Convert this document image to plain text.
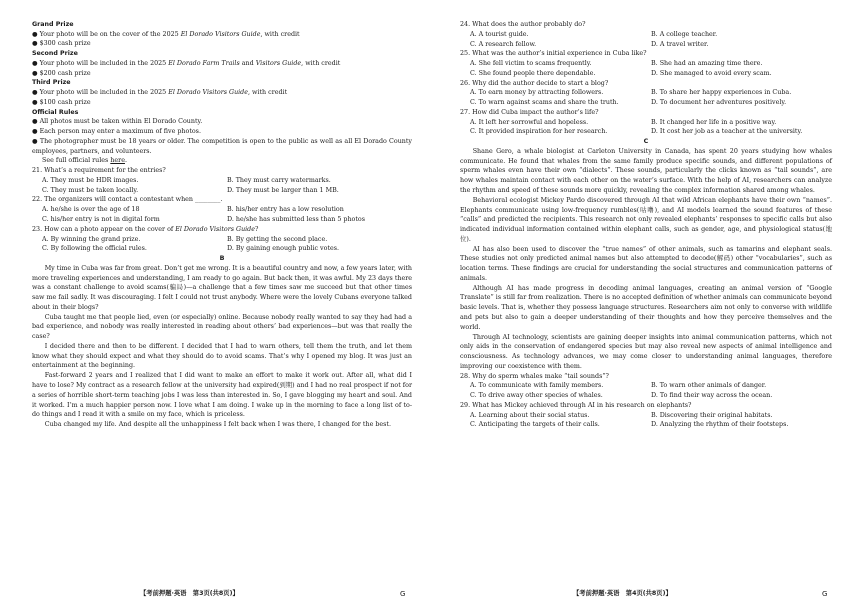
Grand Prize
● Your photo will be on the cover of the 2025 El Dorado Visitors Guide, with credit
● $300 cash prize
Second Prize
● Your photo will be included in the 2025 El Dorado Farm Trails and Visitors Guide, with credit
● $200 cash prize
Third Prize
● Your photo will be included in the 2025 El Dorado Visitors Guide, with credit
● $100 cash prize
Official Rules
● All photos must be taken within El Dorado County.
● Each person may enter a maximum of five photos.
● The photographer must be 18 years or older. The competition is open to the public as well as all El Dorado County employees, partners, and volunteers.
See full official rules here.
21. What’s a requirement for the entries?
A. They must be HDR images.	B. They must carry watermarks.
C. They must be taken locally.	D. They must be larger than 1 MB.
22. The organizers will contact a contestant when ________.
A. he/she is over the age of 18	B. his/her entry has a low resolution
C. his/her entry is not in digital form	D. he/she has submitted less than 5 photos
23. How can a photo appear on the cover of El Dorado Visitors Guide?
A. By winning the grand prize.	B. By getting the second place.
C. By following the official rules.	D. By gaining enough public votes.
B
My time in Cuba was far from great. Don’t get me wrong. It is a beautiful country and now, a few years later, with more traveling experiences and understanding, I am ready to go again. But back then, it was awful. My 23 days there was a constant challenge to avoid scams(骗局)—a challenge that a few times saw me succeed but that other times saw me fail sadly. It was discouraging. I felt I could not trust anybody. Where were the lovely Cubans everyone talked about in their blogs?
Cuba taught me that people lied, even (or especially) online. Because nobody really wanted to say they had had a bad experience, and nobody was really interested in reading about others’ bad experiences—but was that really the case?
I decided there and then to be different. I decided that I had to warn others, tell them the truth, and let them know what they should expect and what they should do to avoid scams. That’s why I opened my blog. It was just an entertainment at the beginning.
Fast-forward 2 years and I realized that I did want to make an effort to make it work out. After all, what did I have to lose? My contract as a research fellow at the university had expired(到期) and I had no real prospect if not for a series of horrible short-term teaching jobs I was less than interested in. So, I gave blogging my heart and soul. And it worked. I’m a much happier person now. I love what I am doing. I wake up in the morning to face a long list of to-do things and I read it with a smile on my face, which is priceless.
Cuba changed my life. And despite all the unhappiness I felt back when I was there, I changed for the best.
24. What does the author probably do?
A. A tourist guide.	B. A college teacher.
C. A research fellow.	D. A travel writer.
25. What was the author’s initial experience in Cuba like?
A. She fell victim to scams frequently.	B. She had an amazing time there.
C. She found people there dependable.	D. She managed to avoid every scam.
26. Why did the author decide to start a blog?
A. To earn money by attracting followers.	B. To share her happy experiences in Cuba.
C. To warn against scams and share the truth.	D. To document her adventures positively.
27. How did Cuba impact the author’s life?
A. It left her sorrowful and hopeless.	B. It changed her life in a positive way.
C. It provided inspiration for her research.	D. It cost her job as a teacher at the university.
C
Shane Gero, a whale biologist at Carleton University in Canada, has spent 20 years studying how whales communicate. He found that whales from the same family produce specific sounds, and different populations of sperm whales even have their own “dialects”. These sounds, particularly the clicks known as “tail sounds”, are how whales maintain contact with each other on the water’s surface. With the help of AI, researchers can analyze the rhythm and speed of these sounds more quickly, revealing the complex information shared among whales.
Behavioral ecologist Mickey Pardo discovered through AI that wild African elephants have their own “names”. Elephants communicate using low-frequency rumbles(咕噜), and AI models learned the sound features of these “calls” and predicted the recipients. This research not only revealed elephants’ responses to specific calls but also indicated individual information contained within elephant calls, such as gender, age, and physiological status(地位).
AI has also been used to discover the “true names” of other animals, such as tamarins and elephant seals. These studies not only predicted animal names but also attempted to decode(解码) other “vocabularies”, such as location terms. These findings are crucial for understanding the social structures and communication patterns of animals.
Although AI has made progress in decoding animal languages, creating an animal version of “Google Translate” is still far from realization. There is no accepted definition of whether animals can communicate beyond basic levels. That is, whether they possess language structures. Researchers aim not only to converse with wildlife and pets but also to gain a deeper understanding of their thoughts and how they perceive themselves and the world.
Through AI technology, scientists are gaining deeper insights into animal communication patterns, which not only aids in the conservation of endangered species but may also reveal new aspects of animal intelligence and consciousness. As technology advances, we may come closer to understanding animal languages, therefore improving our coexistence with them.
28. Why do sperm whales make “tail sounds”?
A. To communicate with family members.	B. To warn other animals of danger.
C. To drive away other species of whales.	D. To find their way across the ocean.
29. What has Mickey achieved through AI in his research on elephants?
A. Learning about their social status.	B. Discovering their original habitats.
C. Anticipating the targets of their calls.	D. Analyzing the rhythm of their footsteps.
【考前押题·英语　第3页(共8页)】	G	【考前押题·英语　第4页(共8页)】	G
